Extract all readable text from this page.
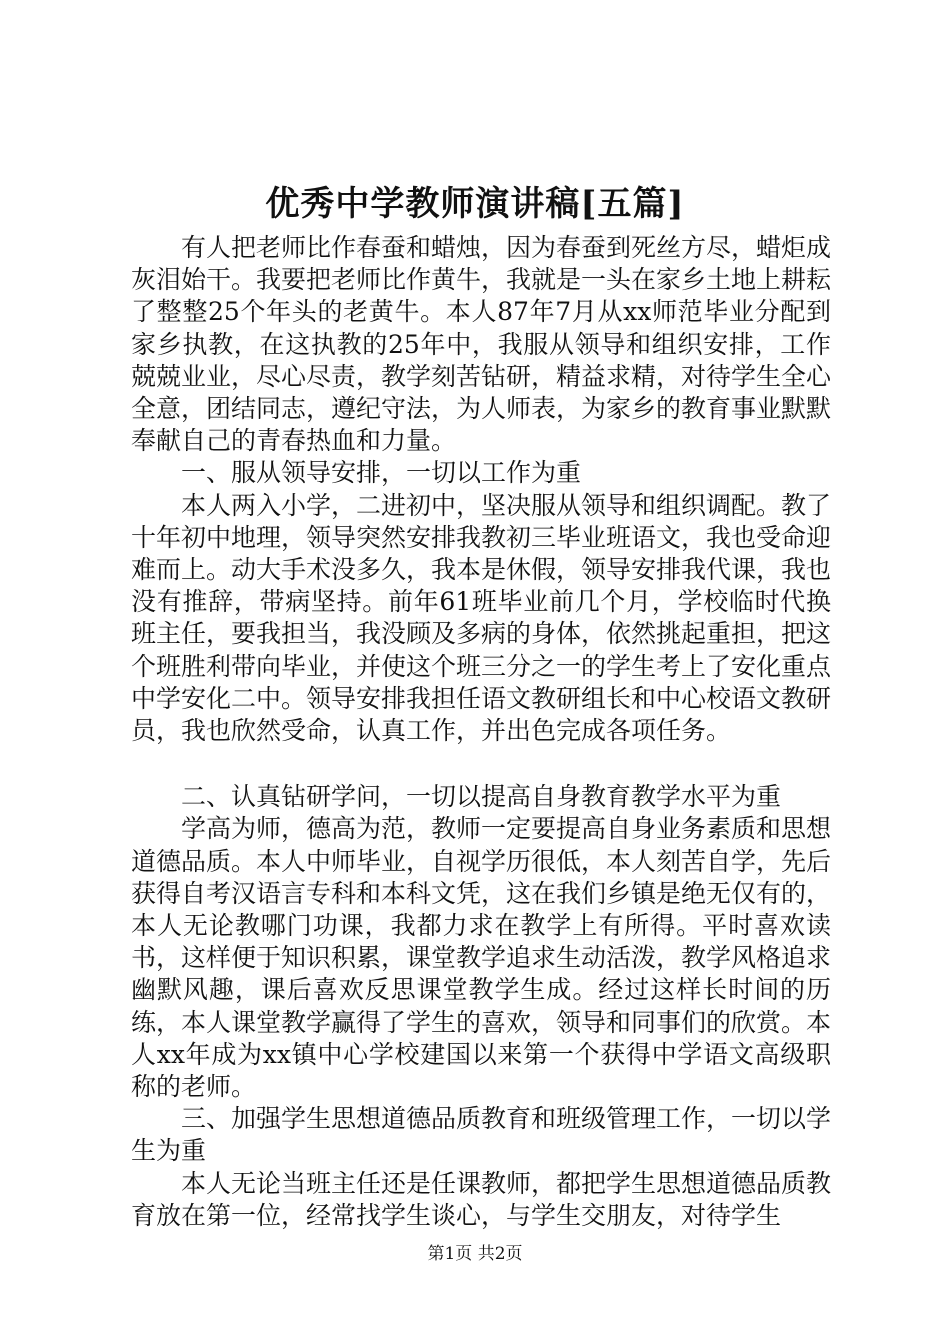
优秀中学教师演讲稿[五篇]

有人把老师比作春蚕和蜡烛，因为春蚕到死丝方尽，蜡炬成灰泪始干。我要把老师比作黄牛，我就是一头在家乡土地上耕耘了整整25个年头的老黄牛。本人87年7月从xx师范毕业分配到家乡执教，在这执教的25年中，我服从领导和组织安排，工作兢兢业业，尽心尽责，教学刻苦钻研，精益求精，对待学生全心全意，团结同志，遵纪守法，为人师表，为家乡的教育事业默默奉献自己的青春热血和力量。

一、服从领导安排，一切以工作为重

本人两入小学，二进初中，坚决服从领导和组织调配。教了十年初中地理，领导突然安排我教初三毕业班语文，我也受命迎难而上。动大手术没多久，我本是休假，领导安排我代课，我也没有推辞，带病坚持。前年61班毕业前几个月，学校临时代换班主任，要我担当，我没顾及多病的身体，依然挑起重担，把这个班胜利带向毕业，并使这个班三分之一的学生考上了安化重点中学安化二中。领导安排我担任语文教研组长和中心校语文教研员，我也欣然受命，认真工作，并出色完成各项任务。

二、认真钻研学问，一切以提高自身教育教学水平为重

学高为师，德高为范，教师一定要提高自身业务素质和思想道德品质。本人中师毕业，自视学历很低，本人刻苦自学，先后获得自考汉语言专科和本科文凭，这在我们乡镇是绝无仅有的，本人无论教哪门功课，我都力求在教学上有所得。平时喜欢读书，这样便于知识积累，课堂教学追求生动活泼，教学风格追求幽默风趣，课后喜欢反思课堂教学生成。经过这样长时间的历练，本人课堂教学赢得了学生的喜欢，领导和同事们的欣赏。本人xx年成为xx镇中心学校建国以来第一个获得中学语文高级职称的老师。

三、加强学生思想道德品质教育和班级管理工作，一切以学生为重

本人无论当班主任还是任课教师，都把学生思想道德品质教育放在第一位，经常找学生谈心，与学生交朋友，对待学生

第1页 共2页
